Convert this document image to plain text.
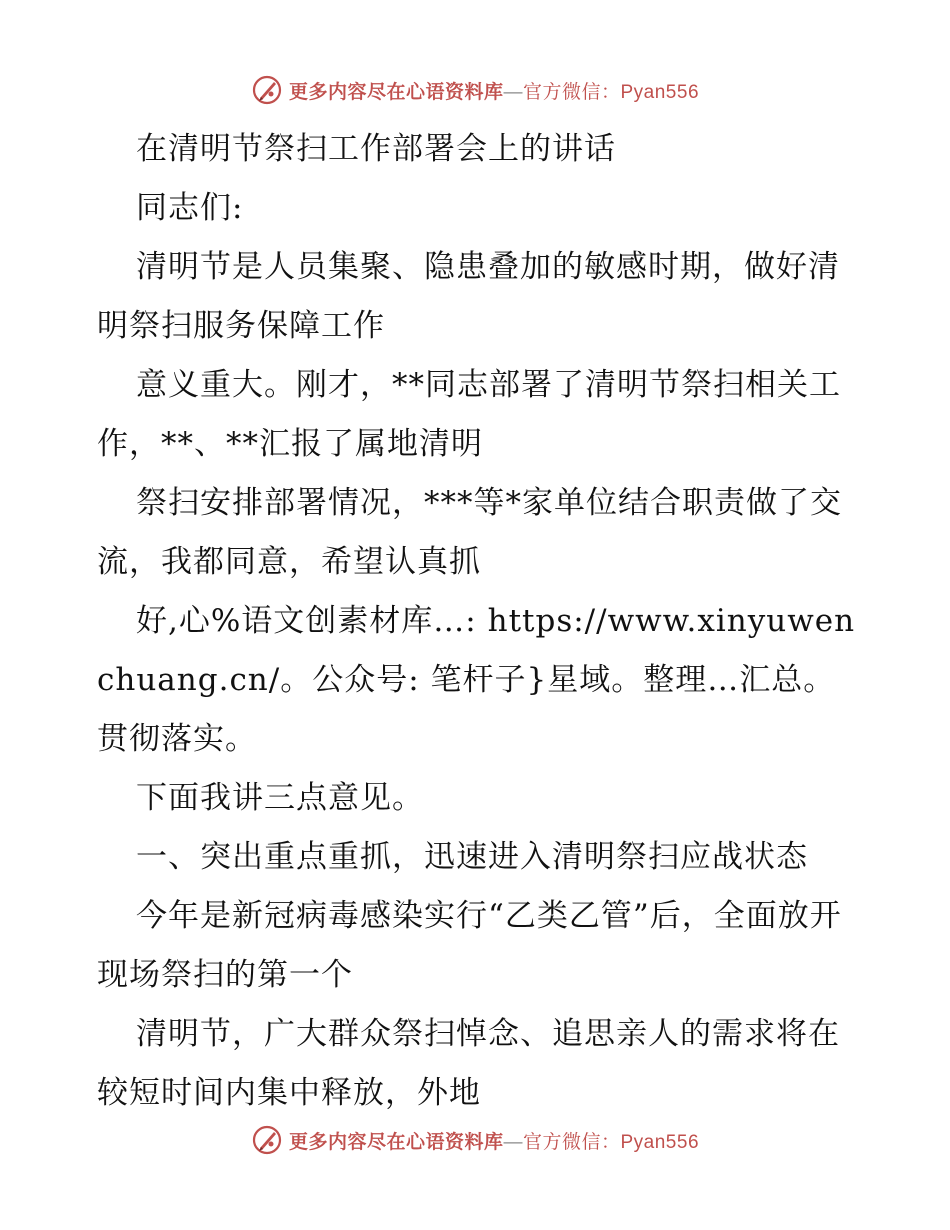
更多内容尽在心语资料库—官方微信：Pyan556

在清明节祭扫工作部署会上的讲话

同志们:

清明节是人员集聚、隐患叠加的敏感时期，做好清明祭扫服务保障工作

意义重大。刚才，**同志部署了清明节祭扫相关工作，**、**汇报了属地清明

祭扫安排部署情况，***等*家单位结合职责做了交流，我都同意，希望认真抓

好,心%语文创素材库…: https://www.xinyuwenchuang.cn/。公众号: 笔杆子}星域。整理…汇总。贯彻落实。

下面我讲三点意见。

一、突出重点重抓，迅速进入清明祭扫应战状态

今年是新冠病毒感染实行“乙类乙管”后，全面放开现场祭扫的第一个

清明节，广大群众祭扫悼念、追思亲人的需求将在较短时间内集中释放，外地

更多内容尽在心语资料库—官方微信：Pyan556
